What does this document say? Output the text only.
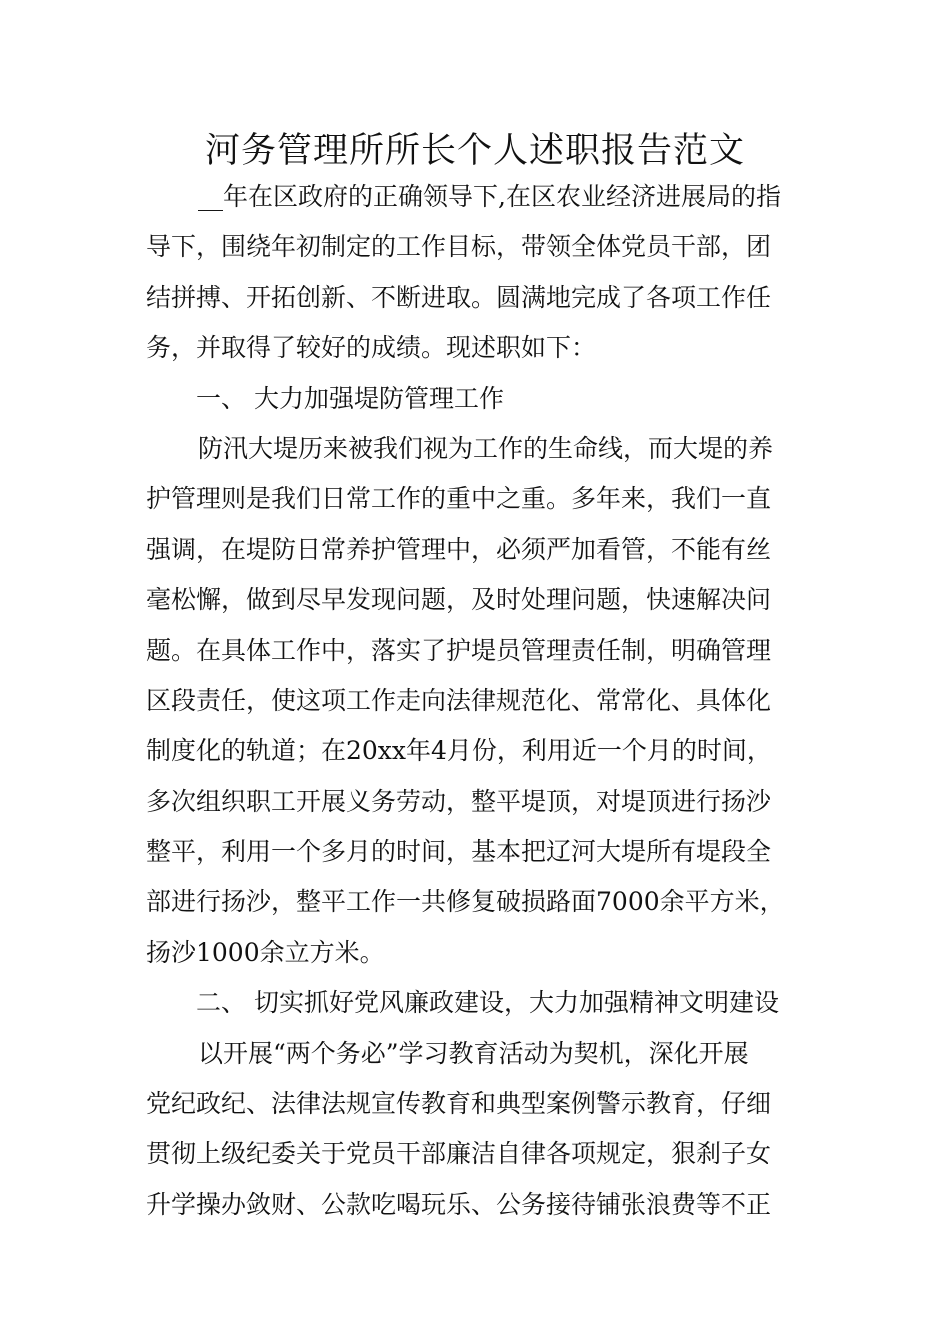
河务管理所所长个人述职报告范文
__年在区政府的正确领导下,在区农业经济进展局的指
导下，围绕年初制定的工作目标，带领全体党员干部，团
结拼搏、开拓创新、不断进取。圆满地完成了各项工作任
务，并取得了较好的成绩。现述职如下：
一、 大力加强堤防管理工作
防汛大堤历来被我们视为工作的生命线，而大堤的养
护管理则是我们日常工作的重中之重。多年来，我们一直
强调，在堤防日常养护管理中，必须严加看管，不能有丝
毫松懈，做到尽早发现问题，及时处理问题，快速解决问
题。在具体工作中，落实了护堤员管理责任制，明确管理
区段责任，使这项工作走向法律规范化、常常化、具体化
制度化的轨道；在20xx年4月份，利用近一个月的时间，
多次组织职工开展义务劳动，整平堤顶，对堤顶进行扬沙
整平，利用一个多月的时间，基本把辽河大堤所有堤段全
部进行扬沙，整平工作一共修复破损路面7000余平方米，
扬沙1000余立方米。
二、 切实抓好党风廉政建设，大力加强精神文明建设
以开展“两个务必”学习教育活动为契机，深化开展
党纪政纪、法律法规宣传教育和典型案例警示教育，仔细
贯彻上级纪委关于党员干部廉洁自律各项规定，狠刹子女
升学操办敛财、公款吃喝玩乐、公务接待铺张浪费等不正
